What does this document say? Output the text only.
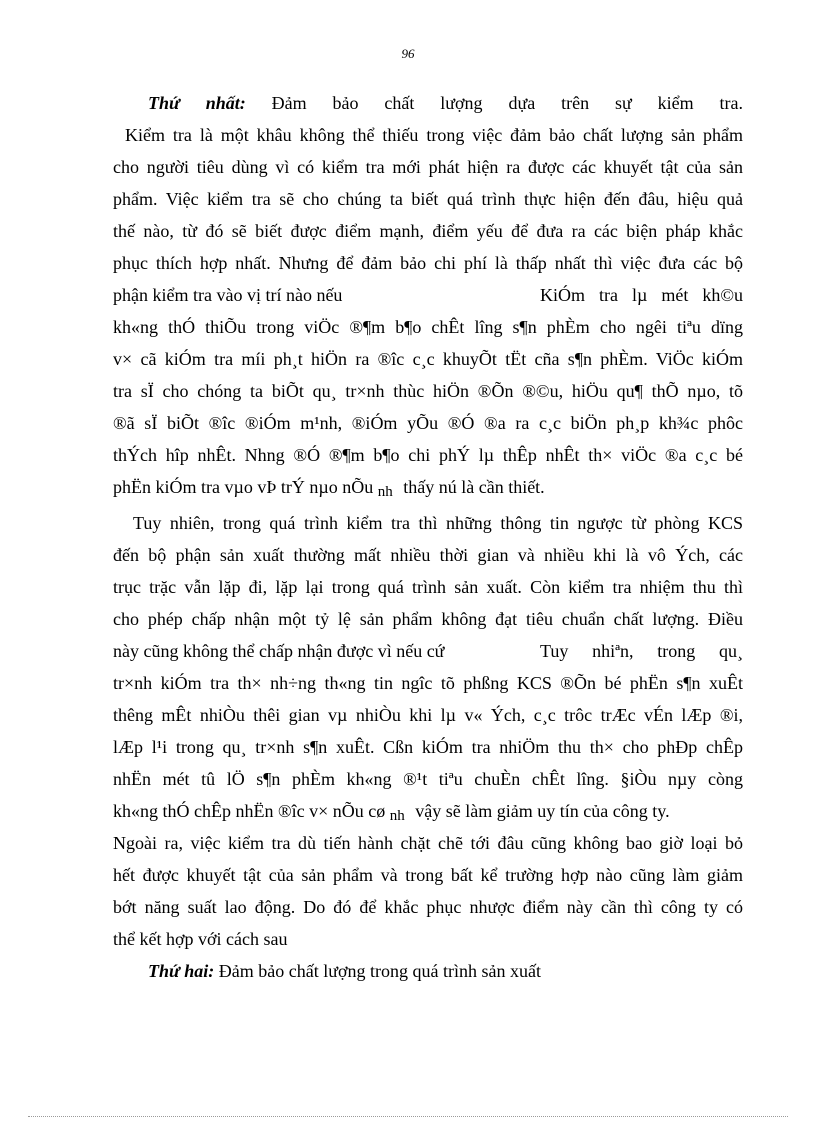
96
Thứ nhất: Đảm bảo chất lượng dựa trên sự kiểm tra.
Kiểm tra là một khâu không thể thiếu trong việc đảm bảo chất lượng sản phẩm
cho người tiêu dùng vì có kiểm tra mới phát hiện ra được các khuyết tật của sản
phẩm. Việc kiểm tra sẽ cho chúng ta biết quá trình thực hiện đến đâu, hiệu quả
thế nào, từ đó sẽ biết được điểm mạnh, điểm yếu để đưa ra các biện pháp khắc
phục thích hợp nhất. Nhưng để đảm bảo chi phí là thấp nhất thì việc đưa các bộ
phận kiểm tra vào vị trí nào nếu	KiÓm tra lµ mét kh©u
kh«ng thÓ thiÕu trong viÖc ®¶m b¶o chÊt lîng s¶n phÈm cho ngêi tiªu dïng
v× cã kiÓm tra míi ph¸t hiÖn ra ®îc c¸c khuyÕt tËt cña s¶n phÈm. ViÖc kiÓm
tra sÏ cho chóng ta biÕt qu¸ tr×nh thùc hiÖn ®Õn ®©u, hiÖu qu¶ thÕ nµo, tõ
®ã sÏ biÕt ®îc ®iÓm m¹nh, ®iÓm yÕu ®Ó ®a ra c¸c biÖn ph¸p kh¾c phôc
thÝch hîp nhÊt. Nhng ®Ó ®¶m b¶o chi phÝ lµ thÊp nhÊt th× viÖc ®a c¸c bé
phËn kiÓm tra vµo vÞ trÝ nµo nÕu nh thấy nú là cần thiết.
Tuy nhiên, trong quá trình kiểm tra thì những thông tin ngược từ phòng KCS
đến bộ phận sản xuất thường mất nhiều thời gian và nhiều khi là vô Ých, các
trục trặc vẫn lặp đi, lặp lại trong quá trình sản xuất. Còn kiểm tra nhiệm thu thì
cho phép chấp nhận một tỷ lệ sản phẩm không đạt tiêu chuẩn chất lượng. Điều
này cũng không thể chấp nhận được vì nếu cứ	Tuy nhiªn, trong qu¸
tr×nh kiÓm tra th× nh÷ng th«ng tin ngîc tõ phßng KCS ®Õn bé phËn s¶n xuÊt
thêng mÊt nhiÒu thêi gian vµ nhiÒu khi lµ v« Ých, c¸c trôc trÆc vÉn lÆp ®i,
lÆp l¹i trong qu¸ tr×nh s¶n xuÊt. Cßn kiÓm tra nhiÖm thu th× cho phÐp chÊp
nhËn mét tû lÖ s¶n phÈm kh«ng ®¹t tiªu chuÈn chÊt lîng. §iÒu nµy còng
kh«ng thÓ chÊp nhËn ®îc v× nÕu cø nh vậy sẽ làm giảm uy tín của công ty.
Ngoài ra, việc kiểm tra dù tiến hành chặt chẽ tới đâu cũng không bao giờ loại bỏ
hết được khuyết tật của sản phẩm và trong bất kể trường hợp nào cũng làm giảm
bớt năng suất lao động. Do đó để khắc phục nhược điểm này cần thì công ty có
thể kết hợp với cách sau
Thứ hai: Đảm bảo chất lượng trong quá trình sản xuất
